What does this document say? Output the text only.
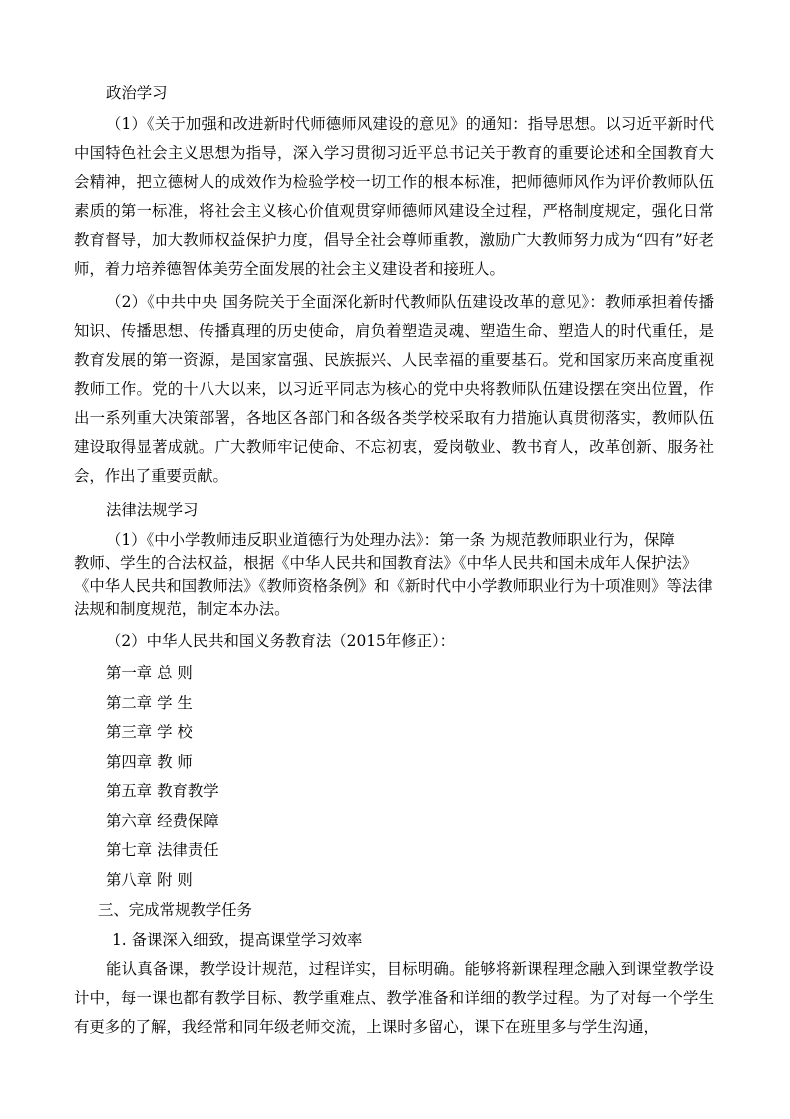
政治学习

（1）《关于加强和改进新时代师德师风建设的意见》的通知：指导思想。以习近平新时代中国特色社会主义思想为指导，深入学习贯彻习近平总书记关于教育的重要论述和全国教育大会精神，把立德树人的成效作为检验学校一切工作的根本标准，把师德师风作为评价教师队伍素质的第一标准，将社会主义核心价值观贯穿师德师风建设全过程，严格制度规定，强化日常教育督导，加大教师权益保护力度，倡导全社会尊师重教，激励广大教师努力成为“四有”好老师，着力培养德智体美劳全面发展的社会主义建设者和接班人。

（2）《中共中央 国务院关于全面深化新时代教师队伍建设改革的意见》：教师承担着传播知识、传播思想、传播真理的历史使命，肩负着塑造灵魂、塑造生命、塑造人的时代重任，是教育发展的第一资源，是国家富强、民族振兴、人民幸福的重要基石。党和国家历来高度重视教师工作。党的十八大以来，以习近平同志为核心的党中央将教师队伍建设摆在突出位置，作出一系列重大决策部署，各地区各部门和各级各类学校采取有力措施认真贯彻落实，教师队伍建设取得显著成就。广大教师牢记使命、不忘初衷，爱岗敬业、教书育人，改革创新、服务社会，作出了重要贡献。

法律法规学习

（1）《中小学教师违反职业道德行为处理办法》：第一条 为规范教师职业行为，保障
教师、学生的合法权益，根据《中华人民共和国教育法》《中华人民共和国未成年人保护法》《中华人民共和国教师法》《教师资格条例》和《新时代中小学教师职业行为十项准则》等法律法规和制度规范，制定本办法。

（2）中华人民共和国义务教育法（2015年修正）：

第一章 总 则

第二章 学 生

第三章 学 校

第四章 教 师

第五章 教育教学

第六章 经费保障

第七章 法律责任

第八章 附 则

三、完成常规教学任务

1. 备课深入细致，提高课堂学习效率

能认真备课，教学设计规范，过程详实，目标明确。能够将新课程理念融入到课堂教学设计中，每一课也都有教学目标、教学重难点、教学准备和详细的教学过程。为了对每一个学生有更多的了解，我经常和同年级老师交流，上课时多留心，课下在班里多与学生沟通，
